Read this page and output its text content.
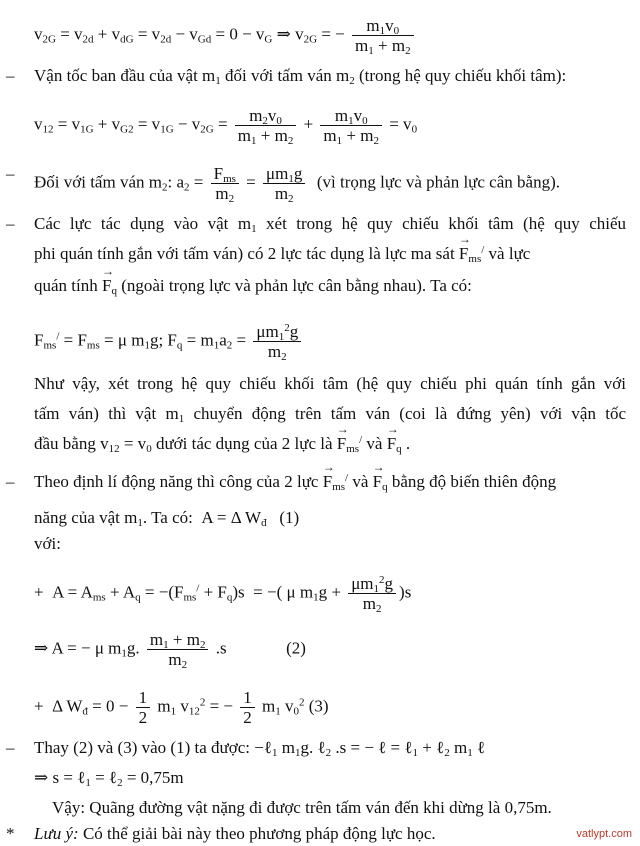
$v_{2G} = v_{2d} + v_{dG} = v_{2d} - v_{Gd} = 0 - v_G$ ⇒ $v_{2G}$ = − $\frac{m_1v_0}{m_1 + m_2}$
– Vận tốc ban đầu của vật $m_1$ đối với tấm ván $m_2$ (trong hệ quy chiếu khối tâm):
$v_{12} = v_{1G} + v_{G2} = v_{1G} - v_{2G} = \frac{m_2v_0}{m_1 + m_2} + \frac{m_1v_0}{m_1 + m_2} = v_0$
– Đối với tấm ván $m_2$: $a_2 = \frac{F_{ms}}{m_2} = \frac{\mu m_1g}{m_2}$ (vì trọng lực và phản lực cân bằng).
– Các lực tác dụng vào vật $m_1$ xét trong hệ quy chiếu khối tâm (hệ quy chiếu
phi quán tính gắn với tấm ván) có 2 lực tác dụng là lực ma sát → $F_{ms}^/$ và lực
quán tính → $F_q$ (ngoài trọng lực và phản lực cân bằng nhau). Ta có:
$F_{ms}^/ = F_{ms} = \mu$ $m_1g$; $F_q = m_1a_2 = \frac{\mu m_1^2g}{m_2}$
Như vậy, xét trong hệ quy chiếu khối tâm (hệ quy chiếu phi quán tính gắn với
tấm ván) thì vật $m_1$ chuyển động trên tấm ván (coi là đứng yên) với vận tốc
đầu bằng $v_{12} = v_0$ dưới tác dụng của 2 lực là → $F_{ms}^/$ và → $F_q$ .
– Theo định lí động năng thì công của 2 lực → $F_{ms}^/$ và → $F_q$ bằng độ biến thiên động
năng của vật $m_1$. Ta có:  A = Δ $W_đ$   (1)
với:
+  $A = A_{ms} + A_q = -(F_{ms}^/ + F_q)s$  = −( μ $m_1g + \frac{\mu m_1^2g}{m_2} )s$
⇒ A = − μ $m_1g$. $\frac{m_1 + m_2}{m_2} .s$              (2)
+  Δ $W_đ = 0 - \frac{1}{2} m_1$ $v_{12}^2$ = − $\frac{1}{2} m_1$ $v_0^2$ (3)
– Thay (2) và (3) vào (1) ta được: −ℓ$_1$ $m_1g$. ℓ$_2$ .s = − ℓ = ℓ$_1$ + ℓ$_2$ $m_1$ ℓ
⇒ s = ℓ$_1$ = ℓ$_2$ = 0,75m
Vậy: Quãng đường vật nặng đi được trên tấm ván đến khi dừng là 0,75m.
* Lưu ý: Có thể giải bài này theo phương pháp động lực học.	vatlypt.com
